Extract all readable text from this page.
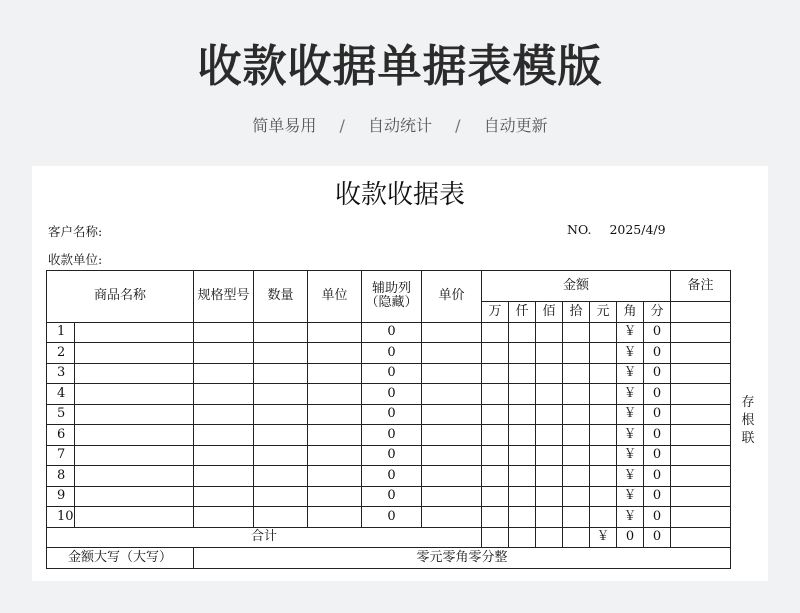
收款收据单据表模版
简单易用 / 自动统计 / 自动更新
收款收据表
客户名称:
收款单位:
NO. 2025/4/9
商品名称		规格型号	数量	单位	辅助列（隐藏）	单价	金额							备注
							万	仟	佰	拾	元	角	分	
1					0							￥	0	
2					0							￥	0	
3					0							￥	0	
4					0							￥	0	
5					0							￥	0	
6					0							￥	0	
7					0							￥	0	
8					0							￥	0	
9					0							￥	0	
10					0							￥	0	
合计											￥	0	0	
金额大写（大写）		零元零角零分整												
存根联
